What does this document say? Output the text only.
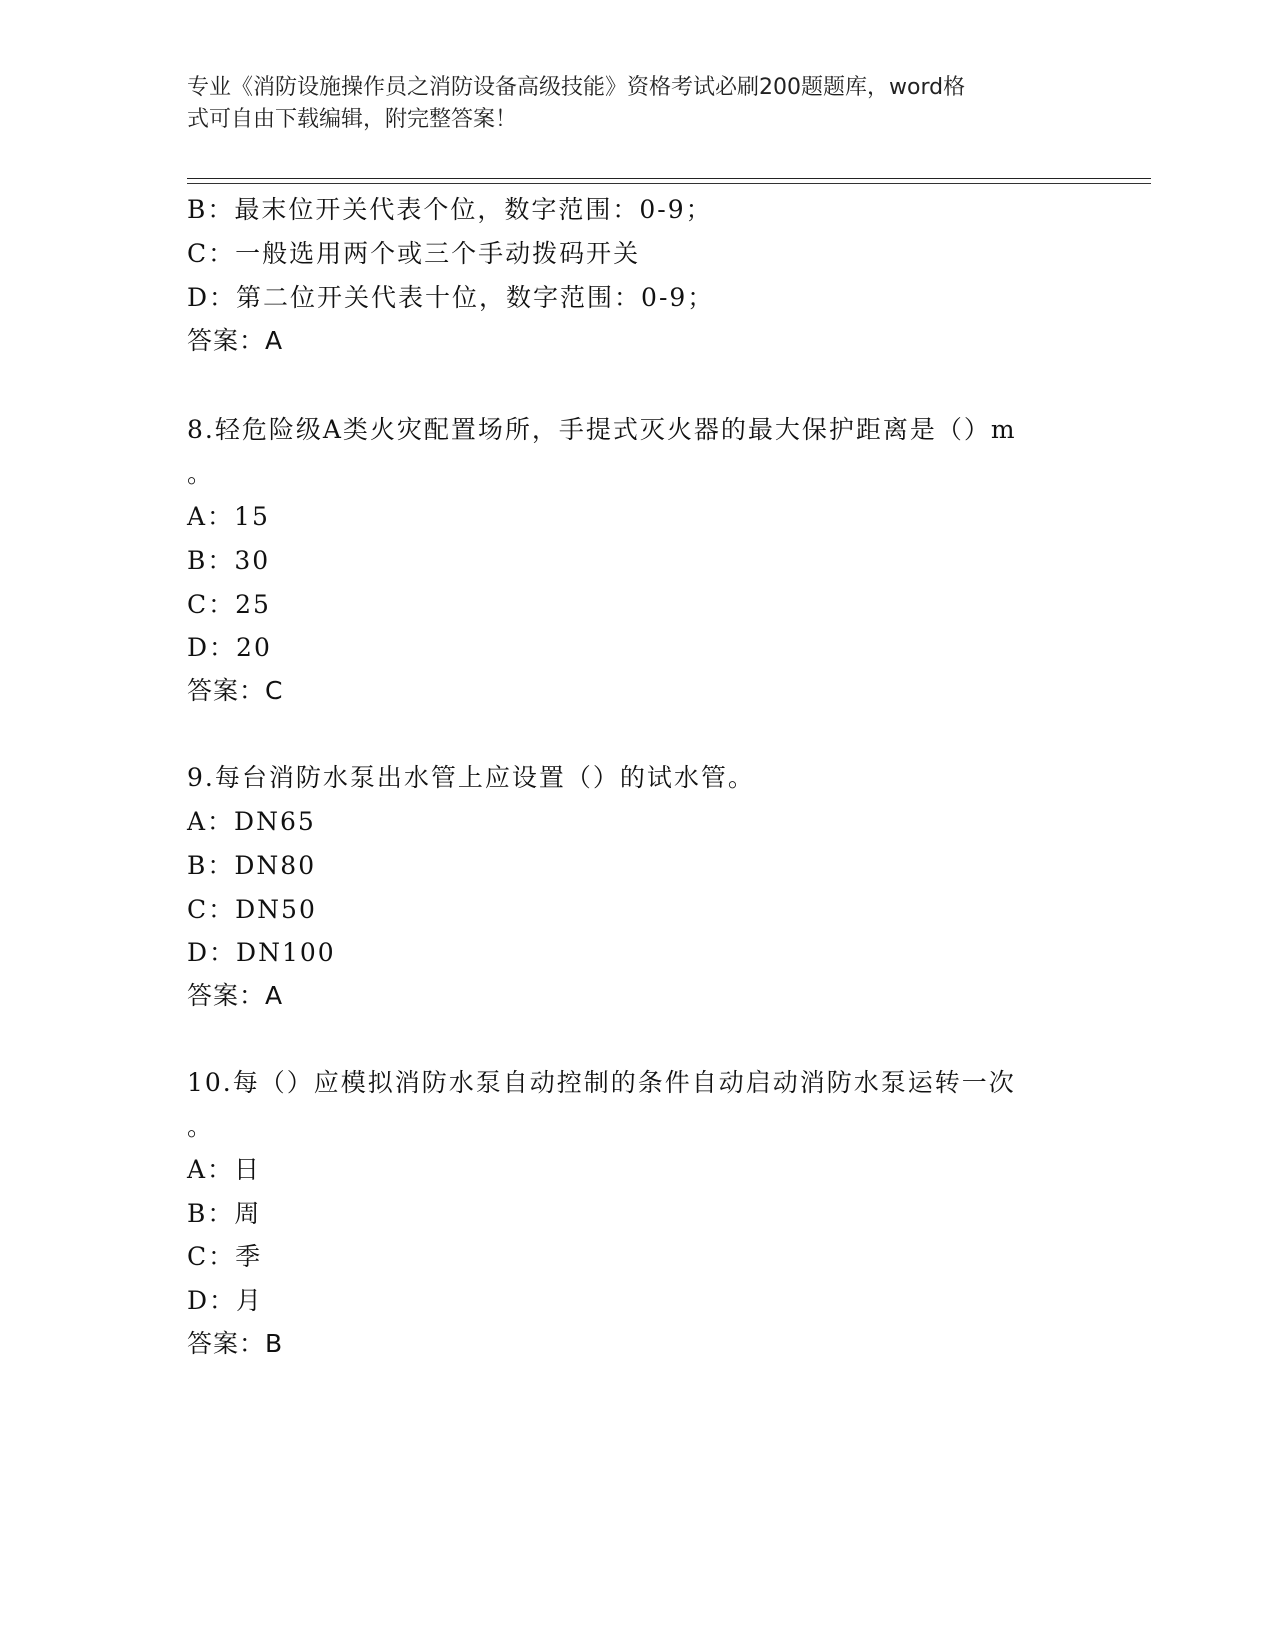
专业《消防设施操作员之消防设备高级技能》资格考试必刷200题题库，word格
式可自由下载编辑，附完整答案！
B：最末位开关代表个位，数字范围：0-9；
C：一般选用两个或三个手动拨码开关
D：第二位开关代表十位，数字范围：0-9；
答案：A
8.轻危险级A类火灾配置场所，手提式灭火器的最大保护距离是（）m
。
A：15
B：30
C：25
D：20
答案：C
9.每台消防水泵出水管上应设置（）的试水管。
A：DN65
B：DN80
C：DN50
D：DN100
答案：A
10.每（）应模拟消防水泵自动控制的条件自动启动消防水泵运转一次
。
A：日
B：周
C：季
D：月
答案：B
